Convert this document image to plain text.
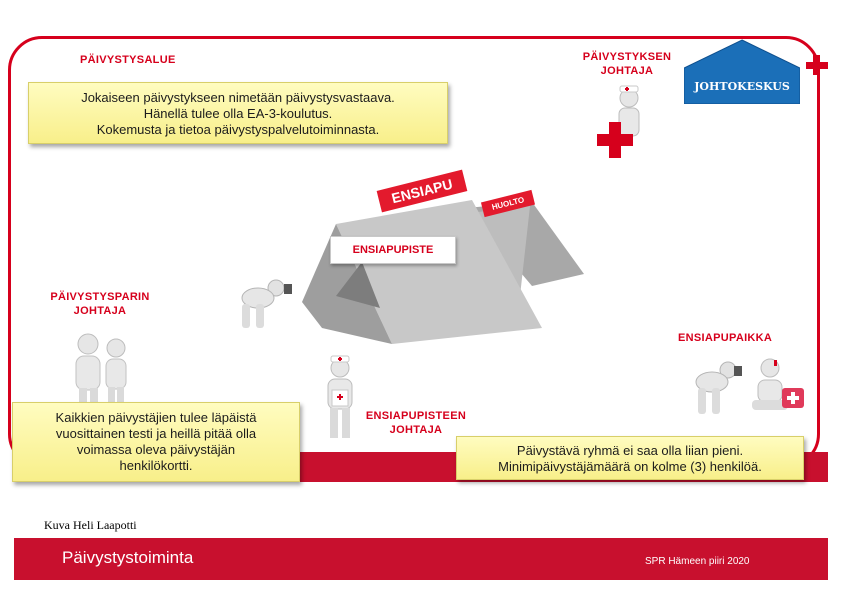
PÄIVYSTYSALUE	PÄIVYSTYKSEN
JOHTAJA
PÄIVYSTYSPARIN
JOHTAJA
ENSIAPUPAIKKA
ENSIAPUPISTEEN
JOHTAJA
JOHTOKESKUS
Jokaiseen päivystykseen nimetään päivystysvastaava.
Hänellä tulee olla EA-3-koulutus.
Kokemusta ja tietoa päivystyspalvelutoiminnasta.
ENSIAPU	HUOLTO
ENSIAPUPISTE
Kaikkien päivystäjien tulee läpäistä
vuosittainen testi ja heillä pitää olla
voimassa oleva päivystäjän
henkilökortti.
Päivystävä ryhmä ei saa olla liian pieni.
Minimipäivystäjämäärä on kolme (3) henkilöä.
Kuva Heli Laapotti
Päivystystoiminta	SPR Hämeen piiri 2020
